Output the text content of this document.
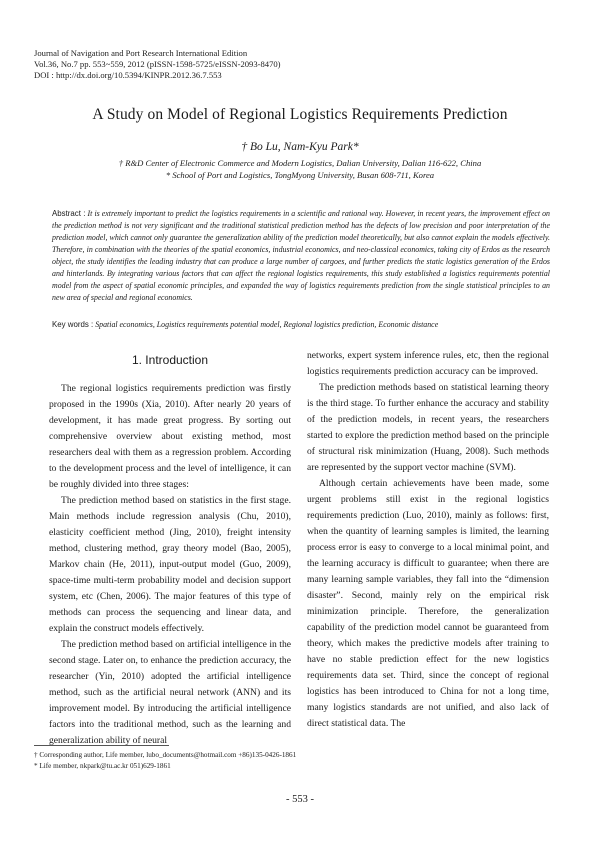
Journal of Navigation and Port Research International Edition
Vol.36, No.7 pp. 553~559, 2012 (pISSN-1598-5725/eISSN-2093-8470)
DOI : http://dx.doi.org/10.5394/KINPR.2012.36.7.553
A Study on Model of Regional Logistics Requirements Prediction
† Bo Lu, Nam-Kyu Park*
† R&D Center of Electronic Commerce and Modern Logistics, Dalian University, Dalian 116-622, China
* School of Port and Logistics, TongMyong University, Busan 608-711, Korea
Abstract : It is extremely important to predict the logistics requirements in a scientific and rational way. However, in recent years, the improvement effect on the prediction method is not very significant and the traditional statistical prediction method has the defects of low precision and poor interpretation of the prediction model, which cannot only guarantee the generalization ability of the prediction model theoretically, but also cannot explain the models effectively. Therefore, in combination with the theories of the spatial economics, industrial economics, and neo-classical economics, taking city of Erdos as the research object, the study identifies the leading industry that can produce a large number of cargoes, and further predicts the static logistics generation of the Erdos and hinterlands. By integrating various factors that can affect the regional logistics requirements, this study established a logistics requirements potential model from the aspect of spatial economic principles, and expanded the way of logistics requirements prediction from the single statistical principles to an new area of special and regional economics.
Key words : Spatial economics, Logistics requirements potential model, Regional logistics prediction, Economic distance
1. Introduction

The regional logistics requirements prediction was firstly proposed in the 1990s (Xia, 2010). After nearly 20 years of development, it has made great progress. By sorting out comprehensive overview about existing method, most researchers deal with them as a regression problem. According to the development process and the level of intelligence, it can be roughly divided into three stages:

The prediction method based on statistics in the first stage. Main methods include regression analysis (Chu, 2010), elasticity coefficient method (Jing, 2010), freight intensity method, clustering method, gray theory model (Bao, 2005), Markov chain (He, 2011), input-output model (Guo, 2009), space-time multi-term probability model and decision support system, etc (Chen, 2006). The major features of this type of methods can process the sequencing and linear data, and explain the construct models effectively.

The prediction method based on artificial intelligence in the second stage. Later on, to enhance the prediction accuracy, the researcher (Yin, 2010) adopted the artificial intelligence method, such as the artificial neural network (ANN) and its improvement model. By introducing the artificial intelligence factors into the traditional method, such as the learning and generalization ability of neural

networks, expert system inference rules, etc, then the regional logistics requirements prediction accuracy can be improved.

The prediction methods based on statistical learning theory is the third stage. To further enhance the accuracy and stability of the prediction models, in recent years, the researchers started to explore the prediction method based on the principle of structural risk minimization (Huang, 2008). Such methods are represented by the support vector machine (SVM).

Although certain achievements have been made, some urgent problems still exist in the regional logistics requirements prediction (Luo, 2010), mainly as follows: first, when the quantity of learning samples is limited, the learning process error is easy to converge to a local minimal point, and the learning accuracy is difficult to guarantee; when there are many learning sample variables, they fall into the “dimension disaster”. Second, mainly rely on the empirical risk minimization principle. Therefore, the generalization capability of the prediction model cannot be guaranteed from theory, which makes the predictive models after training to have no stable prediction effect for the new logistics requirements data set. Third, since the concept of regional logistics has been introduced to China for not a long time, many logistics standards are not unified, and also lack of direct statistical data. The

† Corresponding author, Life member, lubo_documents@hotmail.com +86)135-0426-1861
* Life member, nkpark@tu.ac.kr 051)629-1861
- 553 -
